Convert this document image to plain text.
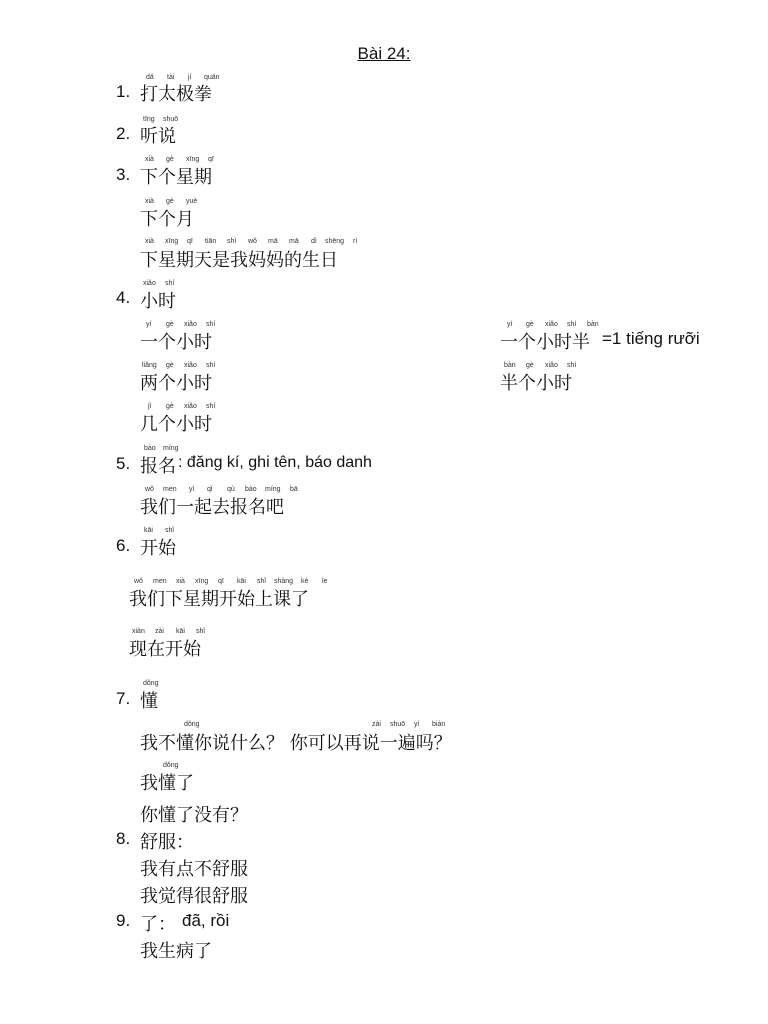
Bài 24:
1.
dǎ tài jí quán
打太极拳
2.
tīng shuō
听说
3.
xià gè xīng qī
下个星期
xià gè yuè
下个月
xià xīng qī tiān shì wǒ mā mā dì shēng rì
下星期天是我妈妈的生日
4.
xiǎo shí
小时
yí gè xiǎo shí
一个小时
yí gè xiǎo shí bàn
一个小时半 =1 tiếng rưỡi
liǎng gè xiǎo shí
两个小时
bàn gè xiǎo shí
半个小时
jǐ gè xiǎo shí
几个小时
5.
bào míng
报名 : đăng kí, ghi tên, báo danh
wǒ men yì qǐ qù bào míng bā
我们一起去报名吧
6.
kāi shǐ
开始
wǒ men xià xīng qī kāi shǐ shàng kè le
我们下星期开始上课了
xiàn zài kāi shǐ
现在开始
7.
dǒng
懂
dǒng	zài shuō yí biàn
我不懂你说什么？ 你可以再说一遍吗？
dǒng
我懂了
你懂了没有？
8. 舒服：
我有点不舒服
我觉得很舒服
9. 了： đã, rồi
我生病了
